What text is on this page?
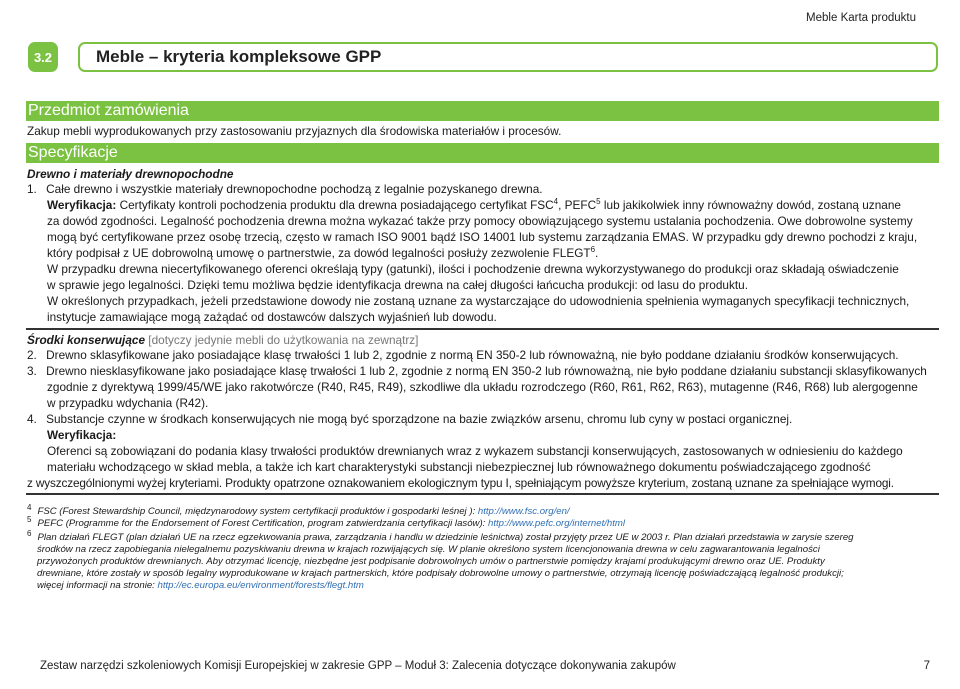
Meble Karta produktu
3.2	Meble – kryteria kompleksowe GPP
Przedmiot zamówienia
Zakup mebli wyprodukowanych przy zastosowaniu przyjaznych dla środowiska materiałów i procesów.
Specyfikacje
Drewno i materiały drewnopochodne
1. Całe drewno i wszystkie materiały drewnopochodne pochodzą z legalnie pozyskanego drewna.
Weryfikacja: Certyfikaty kontroli pochodzenia produktu dla drewna posiadającego certyfikat FSC$^4$, PEFC$^5$ lub jakikolwiek inny równoważny dowód, zostaną uznane
za dowód zgodności. Legalność pochodzenia drewna można wykazać także przy pomocy obowiązującego systemu ustalania pochodzenia. Owe dobrowolne systemy
mogą być certyfikowane przez osobę trzecią, często w ramach ISO 9001 bądź ISO 14001 lub systemu zarządzania EMAS. W przypadku gdy drewno pochodzi z kraju,
który podpisał z UE dobrowolną umowę o partnerstwie, za dowód legalności posłuży zezwolenie FLEGT$^6$.
W przypadku drewna niecertyfikowanego oferenci określają typy (gatunki), ilości i pochodzenie drewna wykorzystywanego do produkcji oraz składają oświadczenie
w sprawie jego legalności. Dzięki temu możliwa będzie identyfikacja drewna na całej długości łańcucha produkcji: od lasu do produktu.
W określonych przypadkach, jeżeli przedstawione dowody nie zostaną uznane za wystarczające do udowodnienia spełnienia wymaganych specyfikacji technicznych,
instytucje zamawiające mogą zażądać od dostawców dalszych wyjaśnień lub dowodu.
Środki konserwujące [dotyczy jedynie mebli do użytkowania na zewnątrz]
2. Drewno sklasyfikowane jako posiadające klasę trwałości 1 lub 2, zgodnie z normą EN 350-2 lub równoważną, nie było poddane działaniu środków konserwujących.
3. Drewno niesklasyfikowane jako posiadające klasę trwałości 1 lub 2, zgodnie z normą EN 350-2 lub równoważną, nie było poddane działaniu substancji sklasyfikowanych
zgodnie z dyrektywą 1999/45/WE jako rakotwórcze (R40, R45, R49), szkodliwe dla układu rozrodczego (R60, R61, R62, R63), mutagenne (R46, R68) lub alergogenne
w przypadku wdychania (R42).
4. Substancje czynne w środkach konserwujących nie mogą być sporządzone na bazie związków arsenu, chromu lub cyny w postaci organicznej.
Weryfikacja:
Oferenci są zobowiązani do podania klasy trwałości produktów drewnianych wraz z wykazem substancji konserwujących, zastosowanych w odniesieniu do każdego
materiału wchodzącego w skład mebla, a także ich kart charakterystyki substancji niebezpiecznej lub równoważnego dokumentu poświadczającego zgodność
z wyszczególnionymi wyżej kryteriami. Produkty opatrzone oznakowaniem ekologicznym typu I, spełniającym powyższe kryterium, zostaną uznane za spełniające wymogi.
$^4$ FSC (Forest Stewardship Council, międzynarodowy system certyfikacji produktów i gospodarki leśnej ): http://www.fsc.org/en/
$^5$ PEFC (Programme for the Endorsement of Forest Certification, program zatwierdzania certyfikacji lasów): http://www.pefc.org/internet/html
$^6$ Plan działań FLEGT (plan działań UE na rzecz egzekwowania prawa, zarządzania i handlu w dziedzinie leśnictwa) został przyjęty przez UE w 2003 r. Plan działań przedstawia w zarysie szereg
środków na rzecz zapobiegania nielegalnemu pozyskiwaniu drewna w krajach rozwijających się. W planie określono system licencjonowania drewna w celu zagwarantowania legalności
przywożonych produktów drewnianych. Aby otrzymać licencję, niezbędne jest podpisanie dobrowolnych umów o partnerstwie pomiędzy krajami produkującymi drewno oraz UE. Produkty
drewniane, które zostały w sposób legalny wyprodukowane w krajach partnerskich, które podpisały dobrowolne umowy o partnerstwie, otrzymają licencję poświadczającą legalność produkcji;
więcej informacji na stronie: http://ec.europa.eu/environment/forests/flegt.htm
Zestaw narzędzi szkoleniowych Komisji Europejskiej w zakresie GPP – Moduł 3: Zalecenia dotyczące dokonywania zakupów	7
